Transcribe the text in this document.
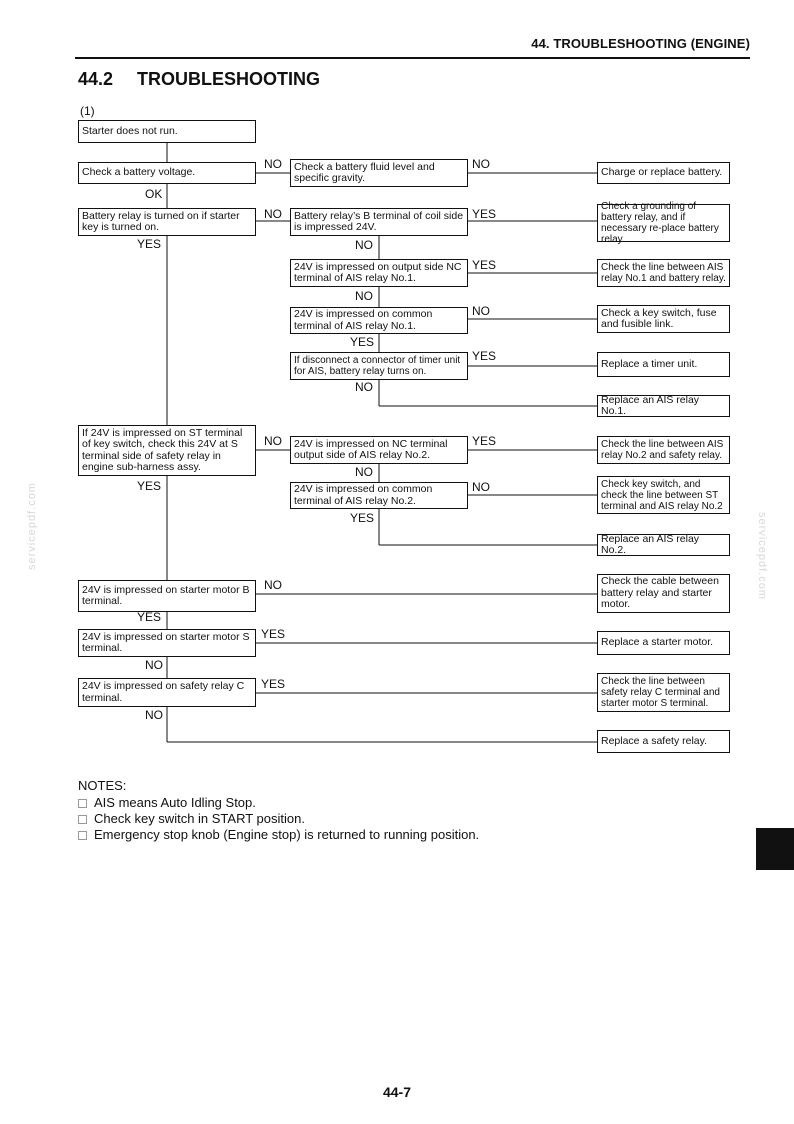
44. TROUBLESHOOTING (ENGINE)
44.2 TROUBLESHOOTING
(1)
Starter does not run.
Check a battery voltage.
Battery relay is turned on if starter key is turned on.
If 24V is impressed on ST terminal of key switch, check this 24V at S terminal side of safety relay in engine sub-harness assy.
24V is impressed on starter motor B terminal.
24V is impressed on starter motor S terminal.
24V is impressed on safety relay C terminal.
Check a battery fluid level and specific gravity.
Battery relay’s B terminal of coil side is impressed 24V.
24V is impressed on output side NC terminal of AIS relay No.1.
24V is impressed on common terminal of AIS relay No.1.
If disconnect a connector of timer unit for AIS, battery relay turns on.
24V is impressed on NC terminal output side of AIS relay No.2.
24V is impressed on common terminal of AIS relay No.2.
Charge or replace battery.
Check a grounding of battery relay, and if necessary re-place battery relay.
Check the line between AIS relay No.1 and battery relay.
Check a key switch, fuse and fusible link.
Replace a timer unit.
Replace an AIS relay No.1.
Check the line between AIS relay No.2 and safety relay.
Check key switch, and check the line between ST terminal and AIS relay No.2
Replace an AIS relay No.2.
Check the cable between battery relay and starter motor.
Replace a starter motor.
Check the line between safety relay C terminal and starter motor S terminal.
Replace a safety relay.
NO	NO
OK
NO	YES
YES	NO
YES
NO
NO
YES
YES
NO
NO	YES
NO
YES	NO
YES
NO
YES
YES
NO
YES
NO
NOTES:
AIS means Auto Idling Stop.
Check key switch in START position.
Emergency stop knob (Engine stop) is returned to running position.
servicepdf.com	servicepdf.com
44-7
